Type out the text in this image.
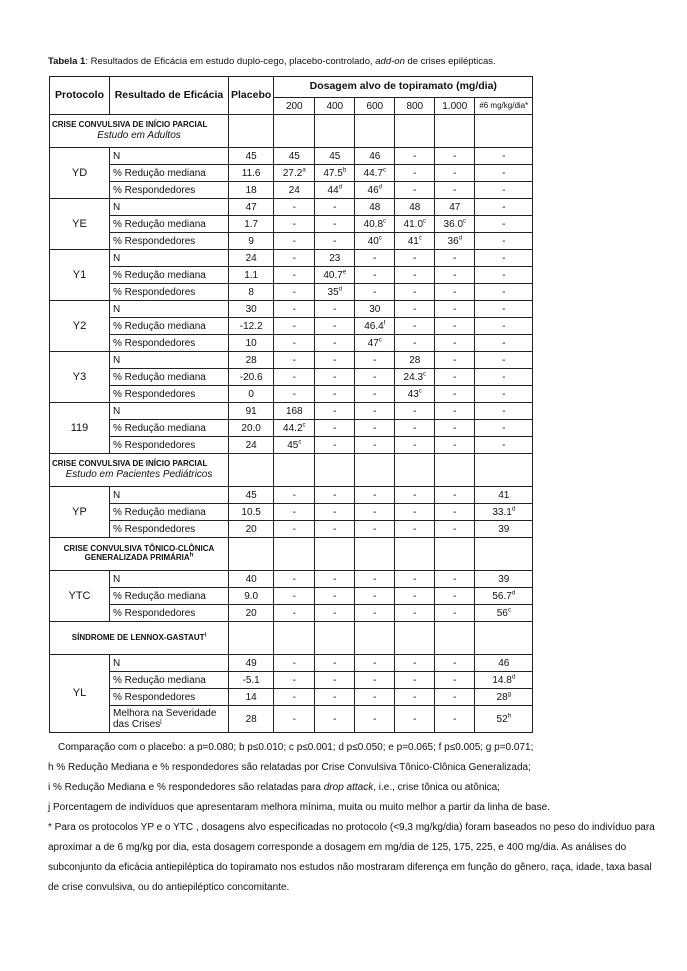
Tabela 1: Resultados de Eficácia em estudo duplo-cego, placebo-controlado, add-on de crises epilépticas.
Protocolo	Resultado de Eficácia	Placebo	Dosagem alvo de topiramato (mg/dia)					
			200	400	600	800	1.000	#6 mg/kg/dia*

CRISE CONVULSIVA DE INÍCIO PARCIAL
Estudo em Adultos								

YD	N	45	45	45	46	-	-	-
	% Redução mediana	11.6	27.2$^a$	47.5$^b$	44.7$^c$	-	-	-
	% Respondedores	18	24	44$^d$	46$^d$	-	-	-
YE	N	47	-	-	48	48	47	-
	% Redução mediana	1.7	-	-	40.8$^c$	41.0$^c$	36.0$^c$	-
	% Respondedores	9	-	-	40$^c$	41$^c$	36$^d$	-
Y1	N	24	-	23	-	-	-	-
	% Redução mediana	1.1	-	40.7e	-	-	-	-
	% Respondedores	8	-	35$^d$	-	-	-	-
Y2	N	30	-	-	30	-	-	-
	% Redução mediana	-12.2	-	-	46.4$^f$	-	-	-
	% Respondedores	10	-	-	47$^c$	-	-	-
Y3	N	28	-	-	-	28	-	-
	% Redução mediana	-20.6	-	-	-	24.3$^c$	-	-
	% Respondedores	0	-	-	-	43$^c$	-	-
119	N	91	168	-	-	-	-	-
	% Redução mediana	20.0	44.2$^c$	-	-	-	-	-
	% Respondedores	24	45$^c$	-	-	-	-	-

CRISE CONVULSIVA DE INÍCIO PARCIAL
Estudo em Pacientes Pediátricos								

YP	N	45	-	-	-	-	-	41
	% Redução mediana	10.5	-	-	-	-	-	33.1$^d$
	% Respondedores	20	-	-	-	-	-	39

CRISE CONVULSIVA TÔNICO-CLÔNICA GENERALIZADA PRIMÁRIA$^h$

YTC	N	40	-	-	-	-	-	39
	% Redução mediana	9.0	-	-	-	-	-	56.7$^d$
	% Respondedores	20	-	-	-	-	-	56$^c$

SÍNDROME DE LENNOX-GASTAUT$^i$

YL	N	49	-	-	-	-	-	46
	% Redução mediana	-5.1	-	-	-	-	-	14.8$^d$
	% Respondedores	14	-	-	-	-	-	28$^g$
	Melhora na Severidade das Crises$^j$	28	-	-	-	-	-	52$^h$

Comparação com o placebo: a p=0.080; b p≤0.010; c p≤0.001; d p≤0.050; e p=0.065; f p≤0.005; g p=0.071;

h % Redução Mediana e % respondedores são relatadas por Crise Convulsiva Tônico-Clônica Generalizada;

i % Redução Mediana e % respondedores são relatadas para drop attack, i.e., crise tônica ou atônica;

j Porcentagem de indivíduos que apresentaram melhora mínima, muita ou muito melhor a partir da linha de base.

* Para os protocolos YP e o YTC , dosagens alvo especificadas no protocolo (<9,3 mg/kg/dia) foram baseados no peso do indivíduo para aproximar a de 6 mg/kg por dia, esta dosagem corresponde a dosagem em mg/dia de 125, 175, 225, e 400 mg/dia. As análises do subconjunto da eficácia antiepiléptica do topiramato nos estudos não mostraram diferença em função do gênero, raça, idade, taxa basal de crise convulsiva, ou do antiepiléptico concomitante.
